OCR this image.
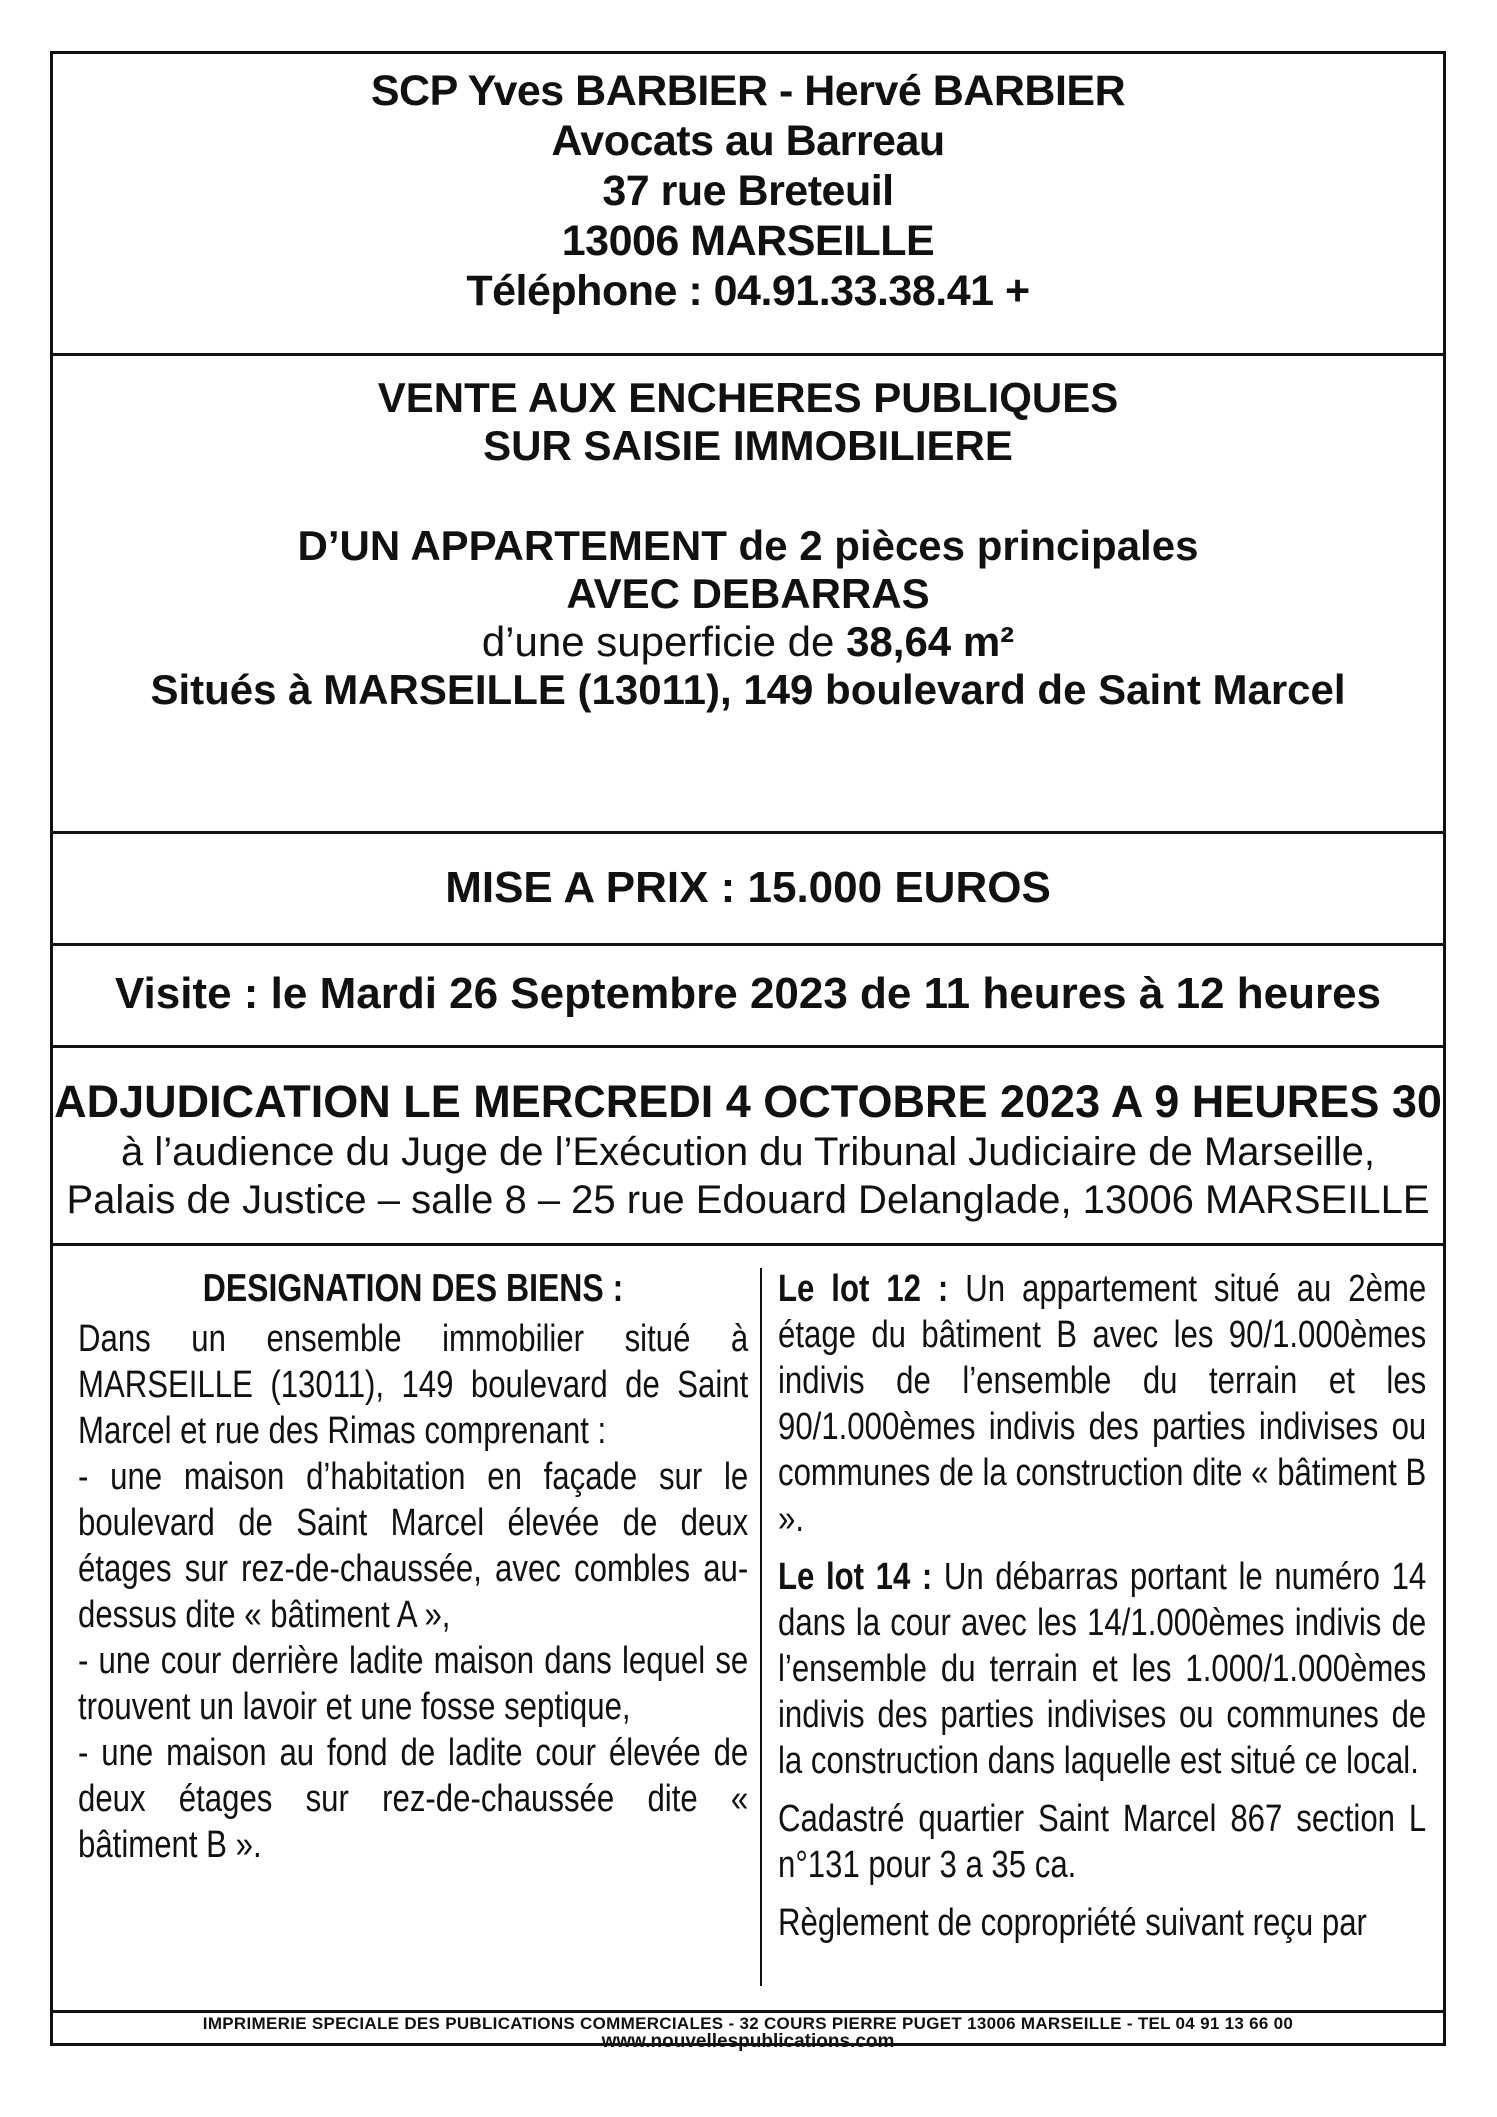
SCP Yves BARBIER - Hervé BARBIER
Avocats au Barreau
37 rue Breteuil
13006 MARSEILLE
Téléphone : 04.91.33.38.41 +
VENTE AUX ENCHERES PUBLIQUES
SUR SAISIE IMMOBILIERE
D’UN APPARTEMENT de 2 pièces principales
AVEC DEBARRAS
d’une superficie de 38,64 m²
Situés à MARSEILLE (13011), 149 boulevard de Saint Marcel
MISE A PRIX : 15.000 EUROS
Visite : le Mardi 26 Septembre 2023 de 11 heures à 12 heures
ADJUDICATION LE MERCREDI 4 OCTOBRE 2023 A 9 HEURES 30
à l’audience du Juge de l’Exécution du Tribunal Judiciaire de Marseille,
Palais de Justice – salle 8 – 25 rue Edouard Delanglade, 13006 MARSEILLE
DESIGNATION DES BIENS :

Dans un ensemble immobilier situé à MARSEILLE (13011), 149 boulevard de Saint Marcel et rue des Rimas comprenant :

- une maison d’habitation en façade sur le boulevard de Saint Marcel élevée de deux étages sur rez-de-chaussée, avec combles au-dessus dite « bâtiment A »,

- une cour derrière ladite maison dans lequel se trouvent un lavoir et une fosse septique,

- une maison au fond de ladite cour élevée de deux étages sur rez-de-chaussée dite « bâtiment B ».

Le lot 12 : Un appartement situé au 2ème étage du bâtiment B avec les 90/1.000èmes indivis de l’ensemble du terrain et les 90/1.000èmes indivis des parties indivises ou communes de la construction dite « bâtiment B ».

Le lot 14 : Un débarras portant le numéro 14 dans la cour avec les 14/1.000èmes indivis de l’ensemble du terrain et les 1.000/1.000èmes indivis des parties indivises ou communes de la construction dans laquelle est situé ce local.

Cadastré quartier Saint Marcel 867 section L n°131 pour 3 a 35 ca.

Règlement de copropriété suivant reçu par

IMPRIMERIE SPECIALE DES PUBLICATIONS COMMERCIALES - 32 COURS PIERRE PUGET 13006 MARSEILLE - TEL 04 91 13 66 00
www.nouvellespublications.com
